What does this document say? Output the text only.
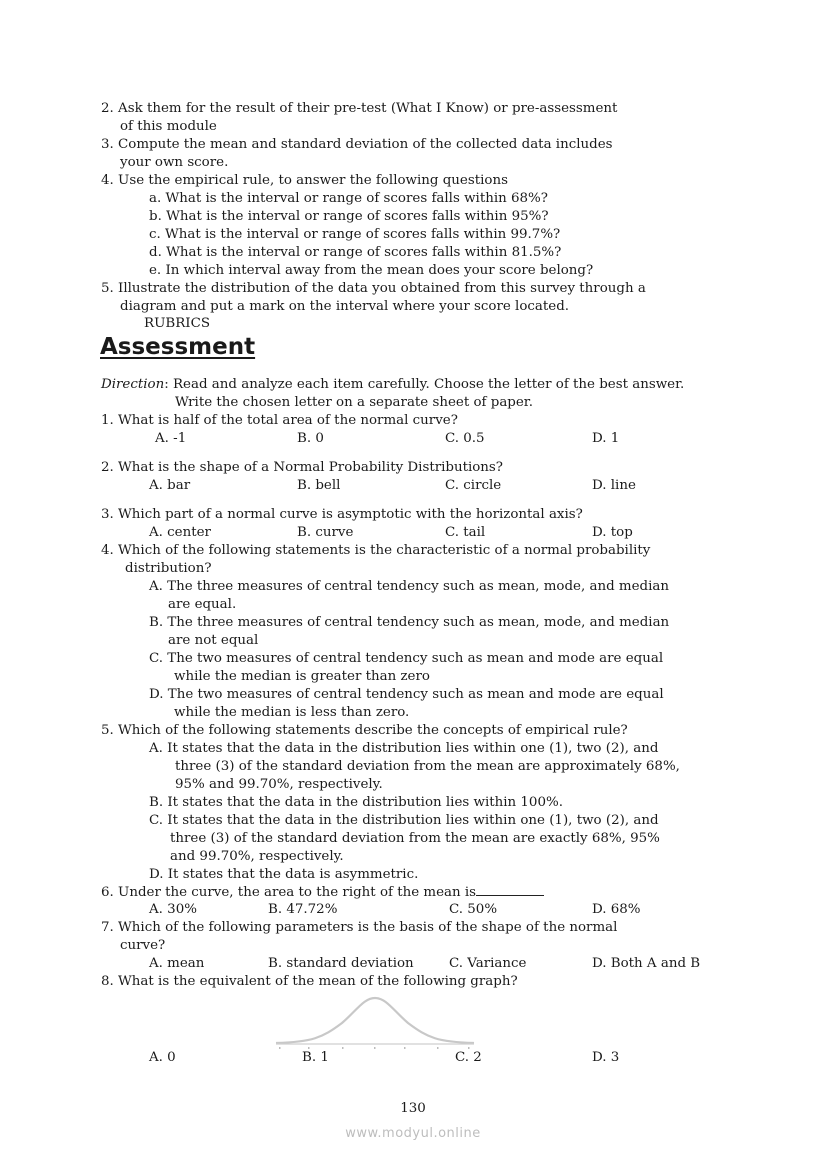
2. Ask them for the result of their pre-test (What I Know) or pre-assessment
of this module
3. Compute the mean and standard deviation of the collected data includes
your own score.
4. Use the empirical rule, to answer the following questions
a. What is the interval or range of scores falls within 68%?
b. What is the interval or range of scores falls within 95%?
c. What is the interval or range of scores falls within 99.7%?
d. What is the interval or range of scores falls within 81.5%?
e. In which interval away from the mean does your score belong?
5. Illustrate the distribution of the data you obtained from this survey through a
diagram and put a mark on the interval where your score located.
RUBRICS
Assessment
Direction: Read and analyze each item carefully. Choose the letter of the best answer.
Write the chosen letter on a separate sheet of paper.
1. What is half of the total area of the normal curve?
A. -1	B. 0	C. 0.5	D. 1
2. What is the shape of a Normal Probability Distributions?
A. bar	B. bell	C. circle	D. line
3. Which part of a normal curve is asymptotic with the horizontal axis?
A. center	B. curve	C. tail	D. top
4. Which of the following statements is the characteristic of a normal probability
distribution?
A. The three measures of central tendency such as mean, mode, and median
are equal.
B. The three measures of central tendency such as mean, mode, and median
are not equal
C. The two measures of central tendency such as mean and mode are equal
while the median is greater than zero
D. The two measures of central tendency such as mean and mode are equal
while the median is less than zero.
5. Which of the following statements describe the concepts of empirical rule?
A. It states that the data in the distribution lies within one (1), two (2), and
three (3) of the standard deviation from the mean are approximately 68%,
95% and 99.70%, respectively.
B. It states that the data in the distribution lies within 100%.
C. It states that the data in the distribution lies within one (1), two (2), and
three (3) of the standard deviation from the mean are exactly 68%, 95%
and 99.70%, respectively.
D. It states that the data is asymmetric.
6. Under the curve, the area to the right of the mean is
A. 30%	B. 47.72%	C. 50%	D. 68%
7. Which of the following parameters is the basis of the shape of the normal
curve?
A. mean	B. standard deviation	C. Variance	D. Both A and B
8. What is the equivalent of the mean of the following graph?
A. 0	B. 1	C. 2	D. 3
130
www.modyul.online
